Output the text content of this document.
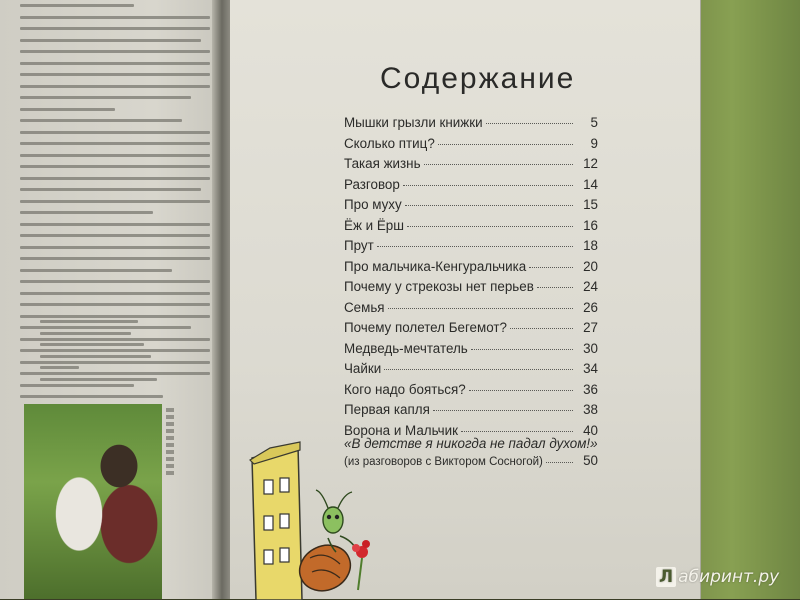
Содержание
Мышки грызли книжки	5
Сколько птиц?	9
Такая жизнь	12
Разговор	14
Про муху	15
Ёж и Ёрш	16
Прут	18
Про мальчика-Кенгуральчика	20
Почему у стрекозы нет перьев	24
Семья	26
Почему полетел Бегемот?	27
Медведь-мечтатель	30
Чайки	34
Кого надо бояться?	36
Первая капля	38
Ворона и Мальчик	40
«В детстве я никогда не падал духом!»
(из разговоров с Виктором Сосногой)	50
Л абиринт.ру
